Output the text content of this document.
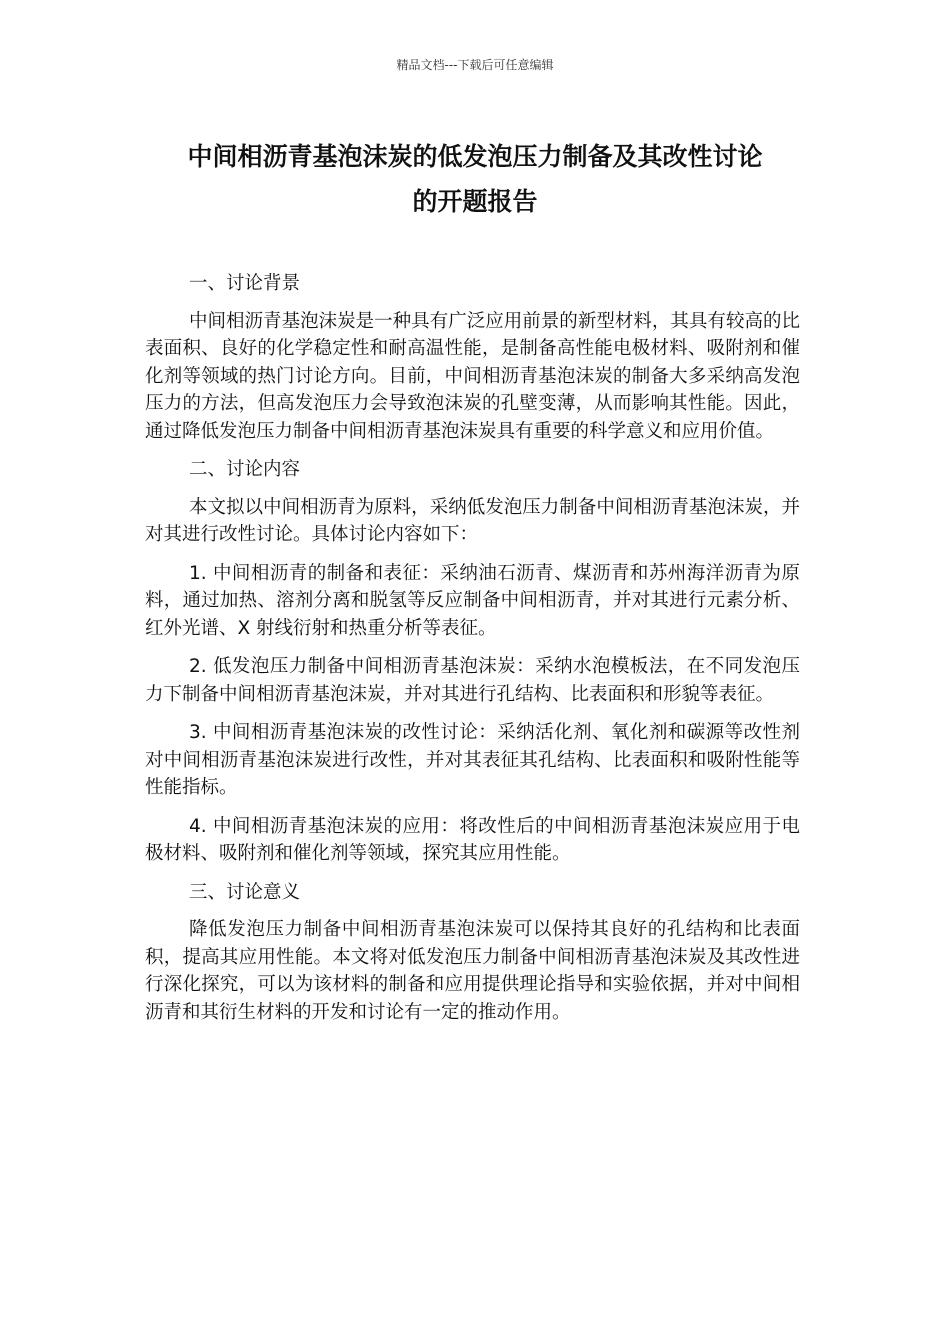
精品文档---下载后可任意编辑
中间相沥青基泡沫炭的低发泡压力制备及其改性讨论
的开题报告

一、讨论背景

中间相沥青基泡沫炭是一种具有广泛应用前景的新型材料，其具有较高的比表面积、良好的化学稳定性和耐高温性能，是制备高性能电极材料、吸附剂和催化剂等领域的热门讨论方向。目前，中间相沥青基泡沫炭的制备大多采纳高发泡压力的方法，但高发泡压力会导致泡沫炭的孔壁变薄，从而影响其性能。因此，通过降低发泡压力制备中间相沥青基泡沫炭具有重要的科学意义和应用价值。

二、讨论内容

本文拟以中间相沥青为原料，采纳低发泡压力制备中间相沥青基泡沫炭，并对其进行改性讨论。具体讨论内容如下：

1. 中间相沥青的制备和表征：采纳油石沥青、煤沥青和苏州海洋沥青为原料，通过加热、溶剂分离和脱氢等反应制备中间相沥青，并对其进行元素分析、红外光谱、X 射线衍射和热重分析等表征。

2. 低发泡压力制备中间相沥青基泡沫炭：采纳水泡模板法，在不同发泡压力下制备中间相沥青基泡沫炭，并对其进行孔结构、比表面积和形貌等表征。

3. 中间相沥青基泡沫炭的改性讨论：采纳活化剂、氧化剂和碳源等改性剂对中间相沥青基泡沫炭进行改性，并对其表征其孔结构、比表面积和吸附性能等性能指标。

4. 中间相沥青基泡沫炭的应用：将改性后的中间相沥青基泡沫炭应用于电极材料、吸附剂和催化剂等领域，探究其应用性能。

三、讨论意义

降低发泡压力制备中间相沥青基泡沫炭可以保持其良好的孔结构和比表面积，提高其应用性能。本文将对低发泡压力制备中间相沥青基泡沫炭及其改性进行深化探究，可以为该材料的制备和应用提供理论指导和实验依据，并对中间相沥青和其衍生材料的开发和讨论有一定的推动作用。
